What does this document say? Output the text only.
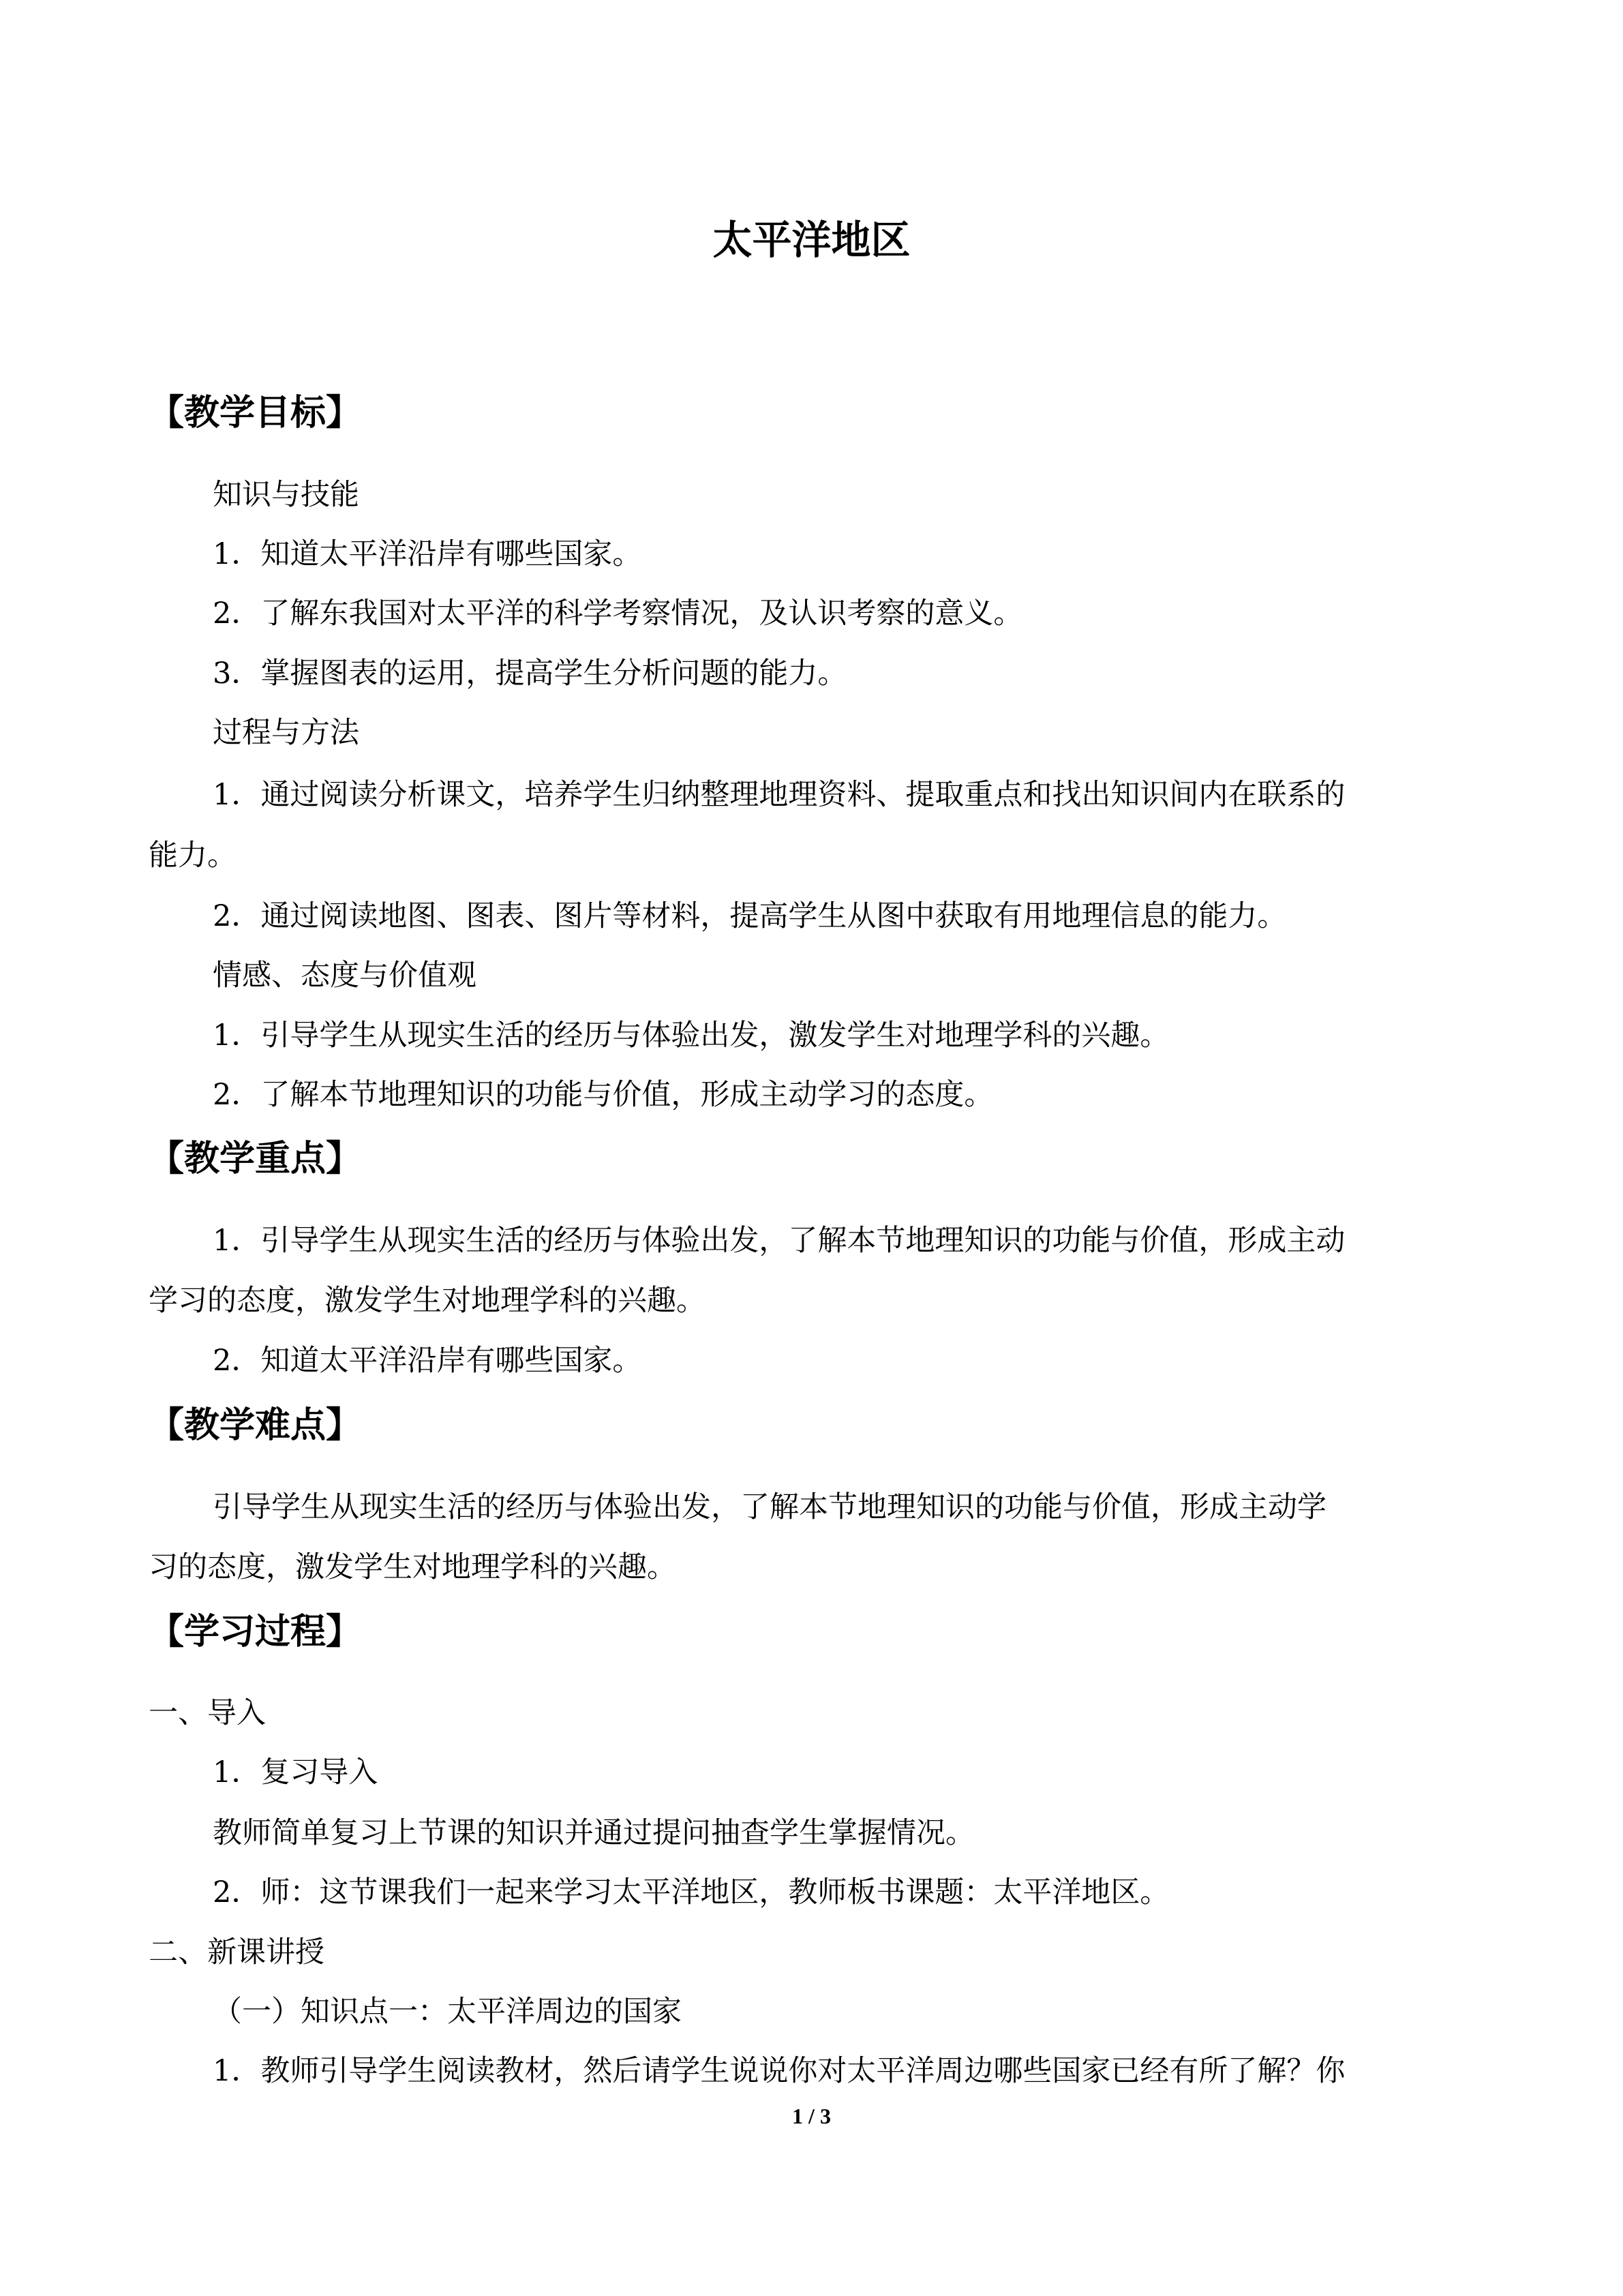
太平洋地区
【教学目标】
知识与技能
1．知道太平洋沿岸有哪些国家。
2．了解东我国对太平洋的科学考察情况，及认识考察的意义。
3．掌握图表的运用，提高学生分析问题的能力。
过程与方法
1．通过阅读分析课文，培养学生归纳整理地理资料、提取重点和找出知识间内在联系的
能力。
2．通过阅读地图、图表、图片等材料，提高学生从图中获取有用地理信息的能力。
情感、态度与价值观
1．引导学生从现实生活的经历与体验出发，激发学生对地理学科的兴趣。
2．了解本节地理知识的功能与价值，形成主动学习的态度。
【教学重点】
1．引导学生从现实生活的经历与体验出发，了解本节地理知识的功能与价值，形成主动
学习的态度，激发学生对地理学科的兴趣。
2．知道太平洋沿岸有哪些国家。
【教学难点】
引导学生从现实生活的经历与体验出发，了解本节地理知识的功能与价值，形成主动学
习的态度，激发学生对地理学科的兴趣。
【学习过程】
一、导入
1．复习导入
教师简单复习上节课的知识并通过提问抽查学生掌握情况。
2．师：这节课我们一起来学习太平洋地区，教师板书课题：太平洋地区。
二、新课讲授
（一）知识点一：太平洋周边的国家
1．教师引导学生阅读教材，然后请学生说说你对太平洋周边哪些国家已经有所了解？你
1 / 3
